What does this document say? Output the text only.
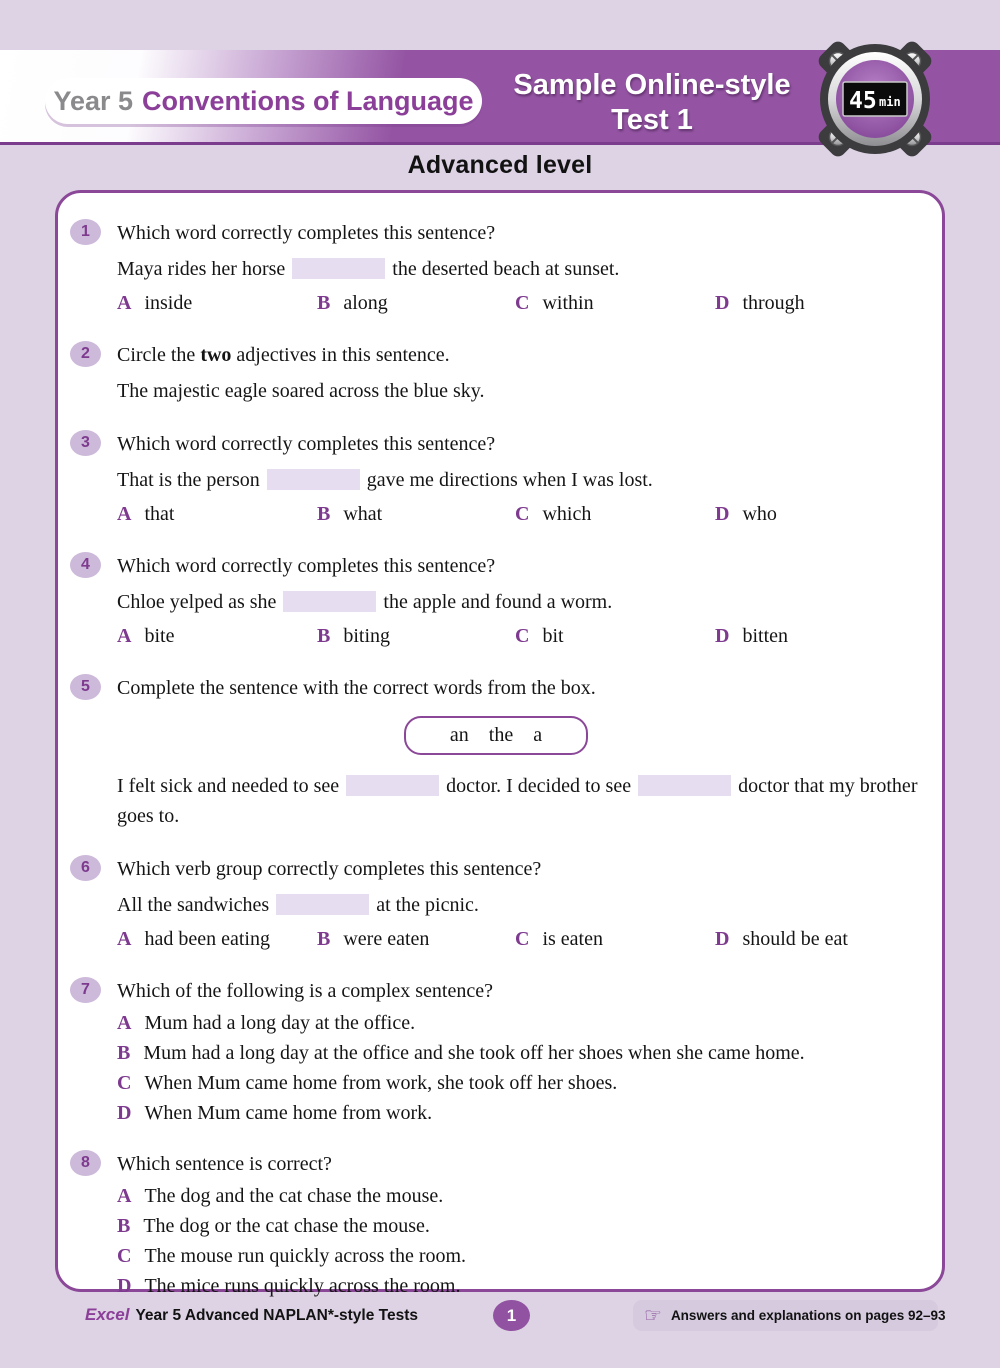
Year 5 Conventions of Language	Sample Online-style
Test 1
45 min
Advanced level
1	Which word correctly completes this sentence?
Maya rides her horse	the deserted beach at sunset.
A inside	B along	C within	D through
2	Circle the two adjectives in this sentence.
The majestic eagle soared across the blue sky.
3	Which word correctly completes this sentence?
That is the person	gave me directions when I was lost.
A that	B what	C which	D who
4	Which word correctly completes this sentence?
Chloe yelped as she	the apple and found a worm.
A bite	B biting	C bit	D bitten
5	Complete the sentence with the correct words from the box.
an    the    a
I felt sick and needed to see	doctor. I decided to see	doctor that my brother goes to.
6	Which verb group correctly completes this sentence?
All the sandwiches	at the picnic.
A had been eating B were eaten	C is eaten	D should be eat
7	Which of the following is a complex sentence?
A Mum had a long day at the office.
B Mum had a long day at the office and she took off her shoes when she came home.
C When Mum came home from work, she took off her shoes.
D When Mum came home from work.
8	Which sentence is correct?
A The dog and the cat chase the mouse.
B The dog or the cat chase the mouse.
C The mouse run quickly across the room.
D The mice runs quickly across the room.
Excel Year 5 Advanced NAPLAN*-style Tests	1	☞ Answers and explanations on pages 92–93
